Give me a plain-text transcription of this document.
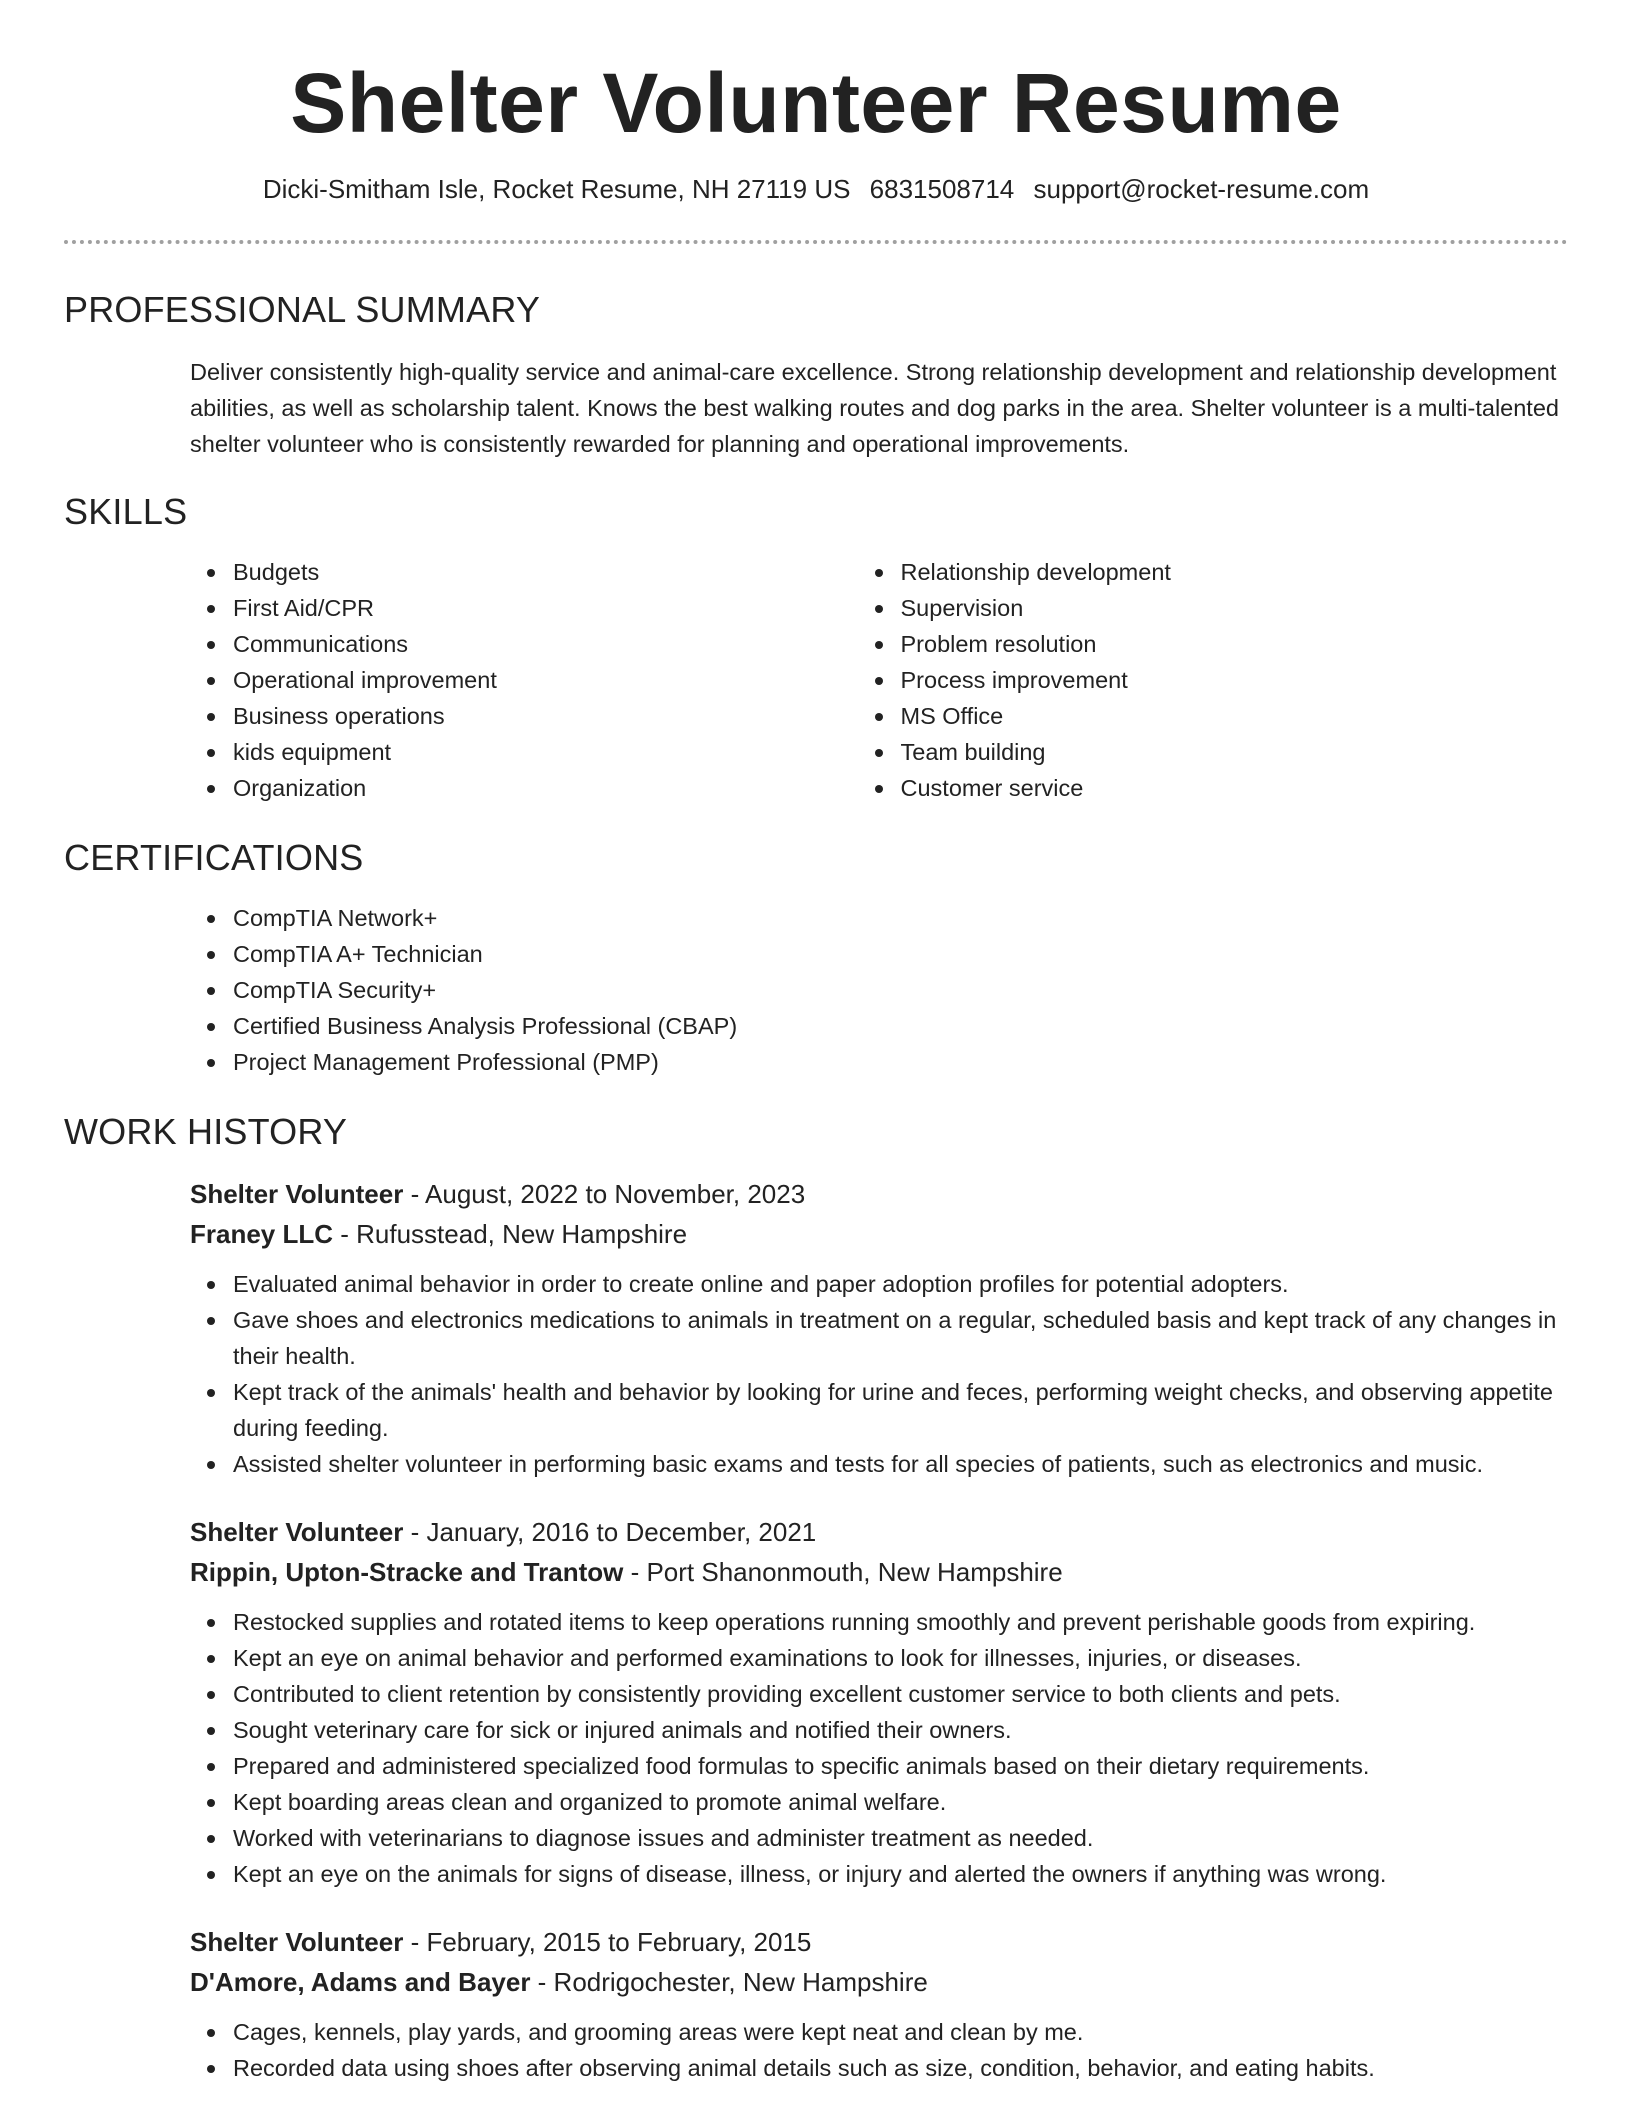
Shelter Volunteer Resume
Dicki-Smitham Isle, Rocket Resume, NH 27119 US 6831508714 support@rocket-resume.com
PROFESSIONAL SUMMARY

Deliver consistently high-quality service and animal-care excellence. Strong relationship development and relationship development abilities, as well as scholarship talent. Knows the best walking routes and dog parks in the area. Shelter volunteer is a multi-talented shelter volunteer who is consistently rewarded for planning and operational improvements.

SKILLS
Budgets
First Aid/CPR
Communications
Operational improvement
Business operations
kids equipment
Organization
Relationship development
Supervision
Problem resolution
Process improvement
MS Office
Team building
Customer service
CERTIFICATIONS
CompTIA Network+
CompTIA A+ Technician
CompTIA Security+
Certified Business Analysis Professional (CBAP)
Project Management Professional (PMP)
WORK HISTORY
Shelter Volunteer - August, 2022 to November, 2023
Franey LLC - Rufusstead, New Hampshire
Evaluated animal behavior in order to create online and paper adoption profiles for potential adopters.
Gave shoes and electronics medications to animals in treatment on a regular, scheduled basis and kept track of any changes in their health.
Kept track of the animals' health and behavior by looking for urine and feces, performing weight checks, and observing appetite during feeding.
Assisted shelter volunteer in performing basic exams and tests for all species of patients, such as electronics and music.
Shelter Volunteer - January, 2016 to December, 2021
Rippin, Upton-Stracke and Trantow - Port Shanonmouth, New Hampshire
Restocked supplies and rotated items to keep operations running smoothly and prevent perishable goods from expiring.
Kept an eye on animal behavior and performed examinations to look for illnesses, injuries, or diseases.
Contributed to client retention by consistently providing excellent customer service to both clients and pets.
Sought veterinary care for sick or injured animals and notified their owners.
Prepared and administered specialized food formulas to specific animals based on their dietary requirements.
Kept boarding areas clean and organized to promote animal welfare.
Worked with veterinarians to diagnose issues and administer treatment as needed.
Kept an eye on the animals for signs of disease, illness, or injury and alerted the owners if anything was wrong.
Shelter Volunteer - February, 2015 to February, 2015
D'Amore, Adams and Bayer - Rodrigochester, New Hampshire
Cages, kennels, play yards, and grooming areas were kept neat and clean by me.
Recorded data using shoes after observing animal details such as size, condition, behavior, and eating habits.
